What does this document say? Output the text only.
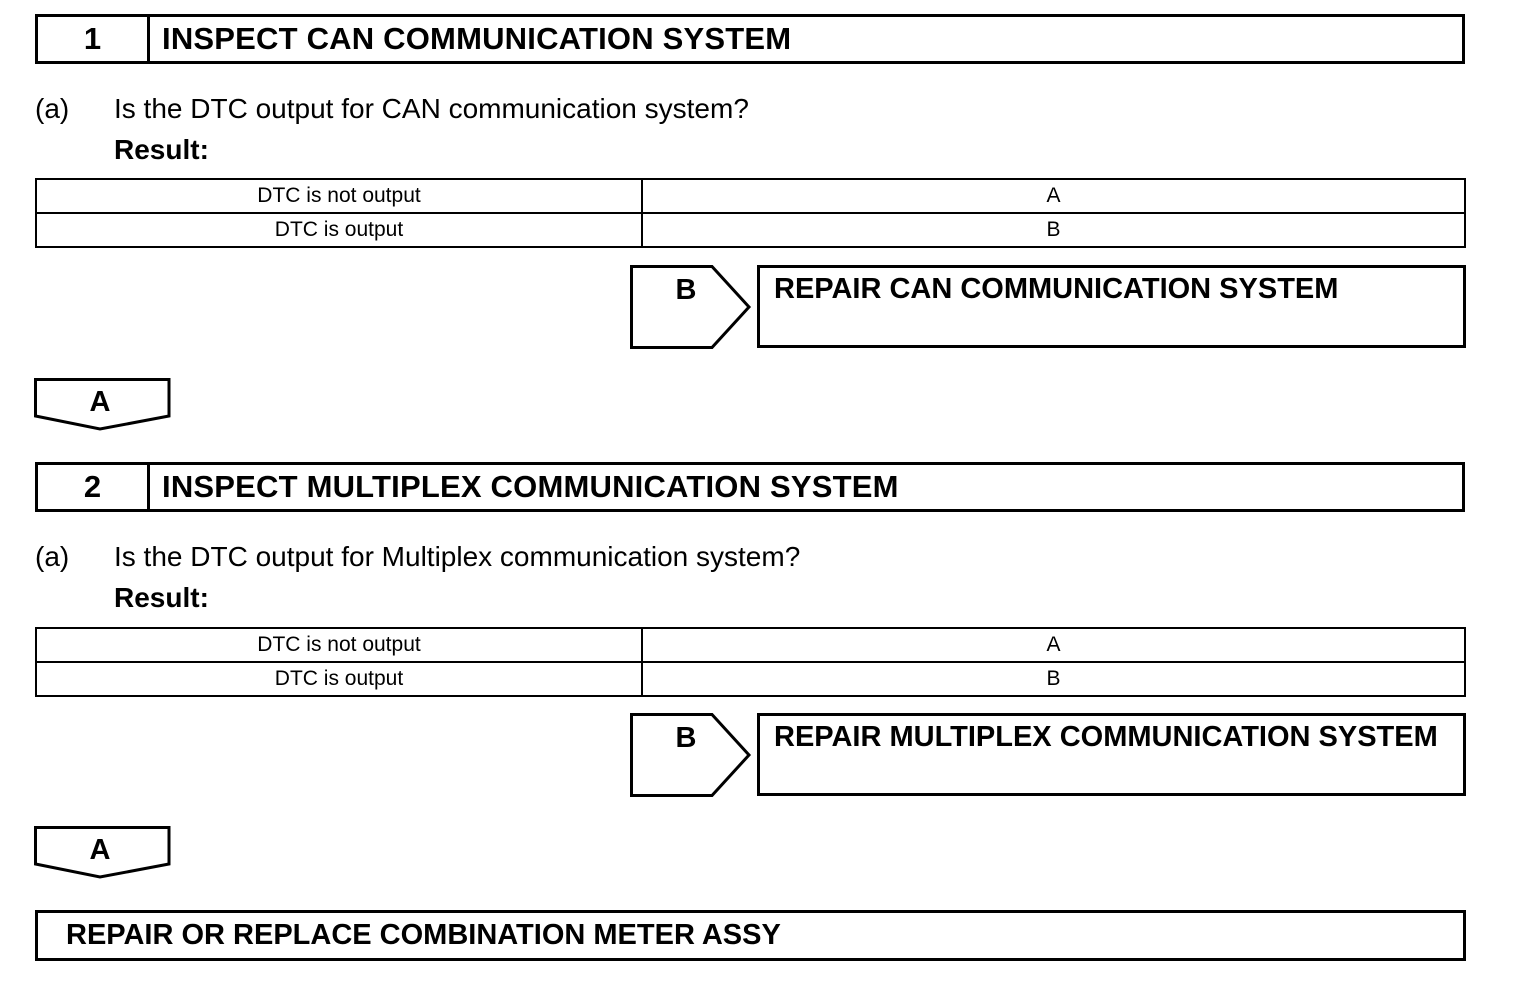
1	INSPECT CAN COMMUNICATION SYSTEM
(a) Is the DTC output for CAN communication system?
Result:
DTC is not output	A
DTC is output	B
B	REPAIR CAN COMMUNICATION SYSTEM
A
2	INSPECT MULTIPLEX COMMUNICATION SYSTEM
(a) Is the DTC output for Multiplex communication system?
Result:
DTC is not output	A
DTC is output	B
B	REPAIR MULTIPLEX COMMUNICATION SYSTEM
A
REPAIR OR REPLACE COMBINATION METER ASSY
